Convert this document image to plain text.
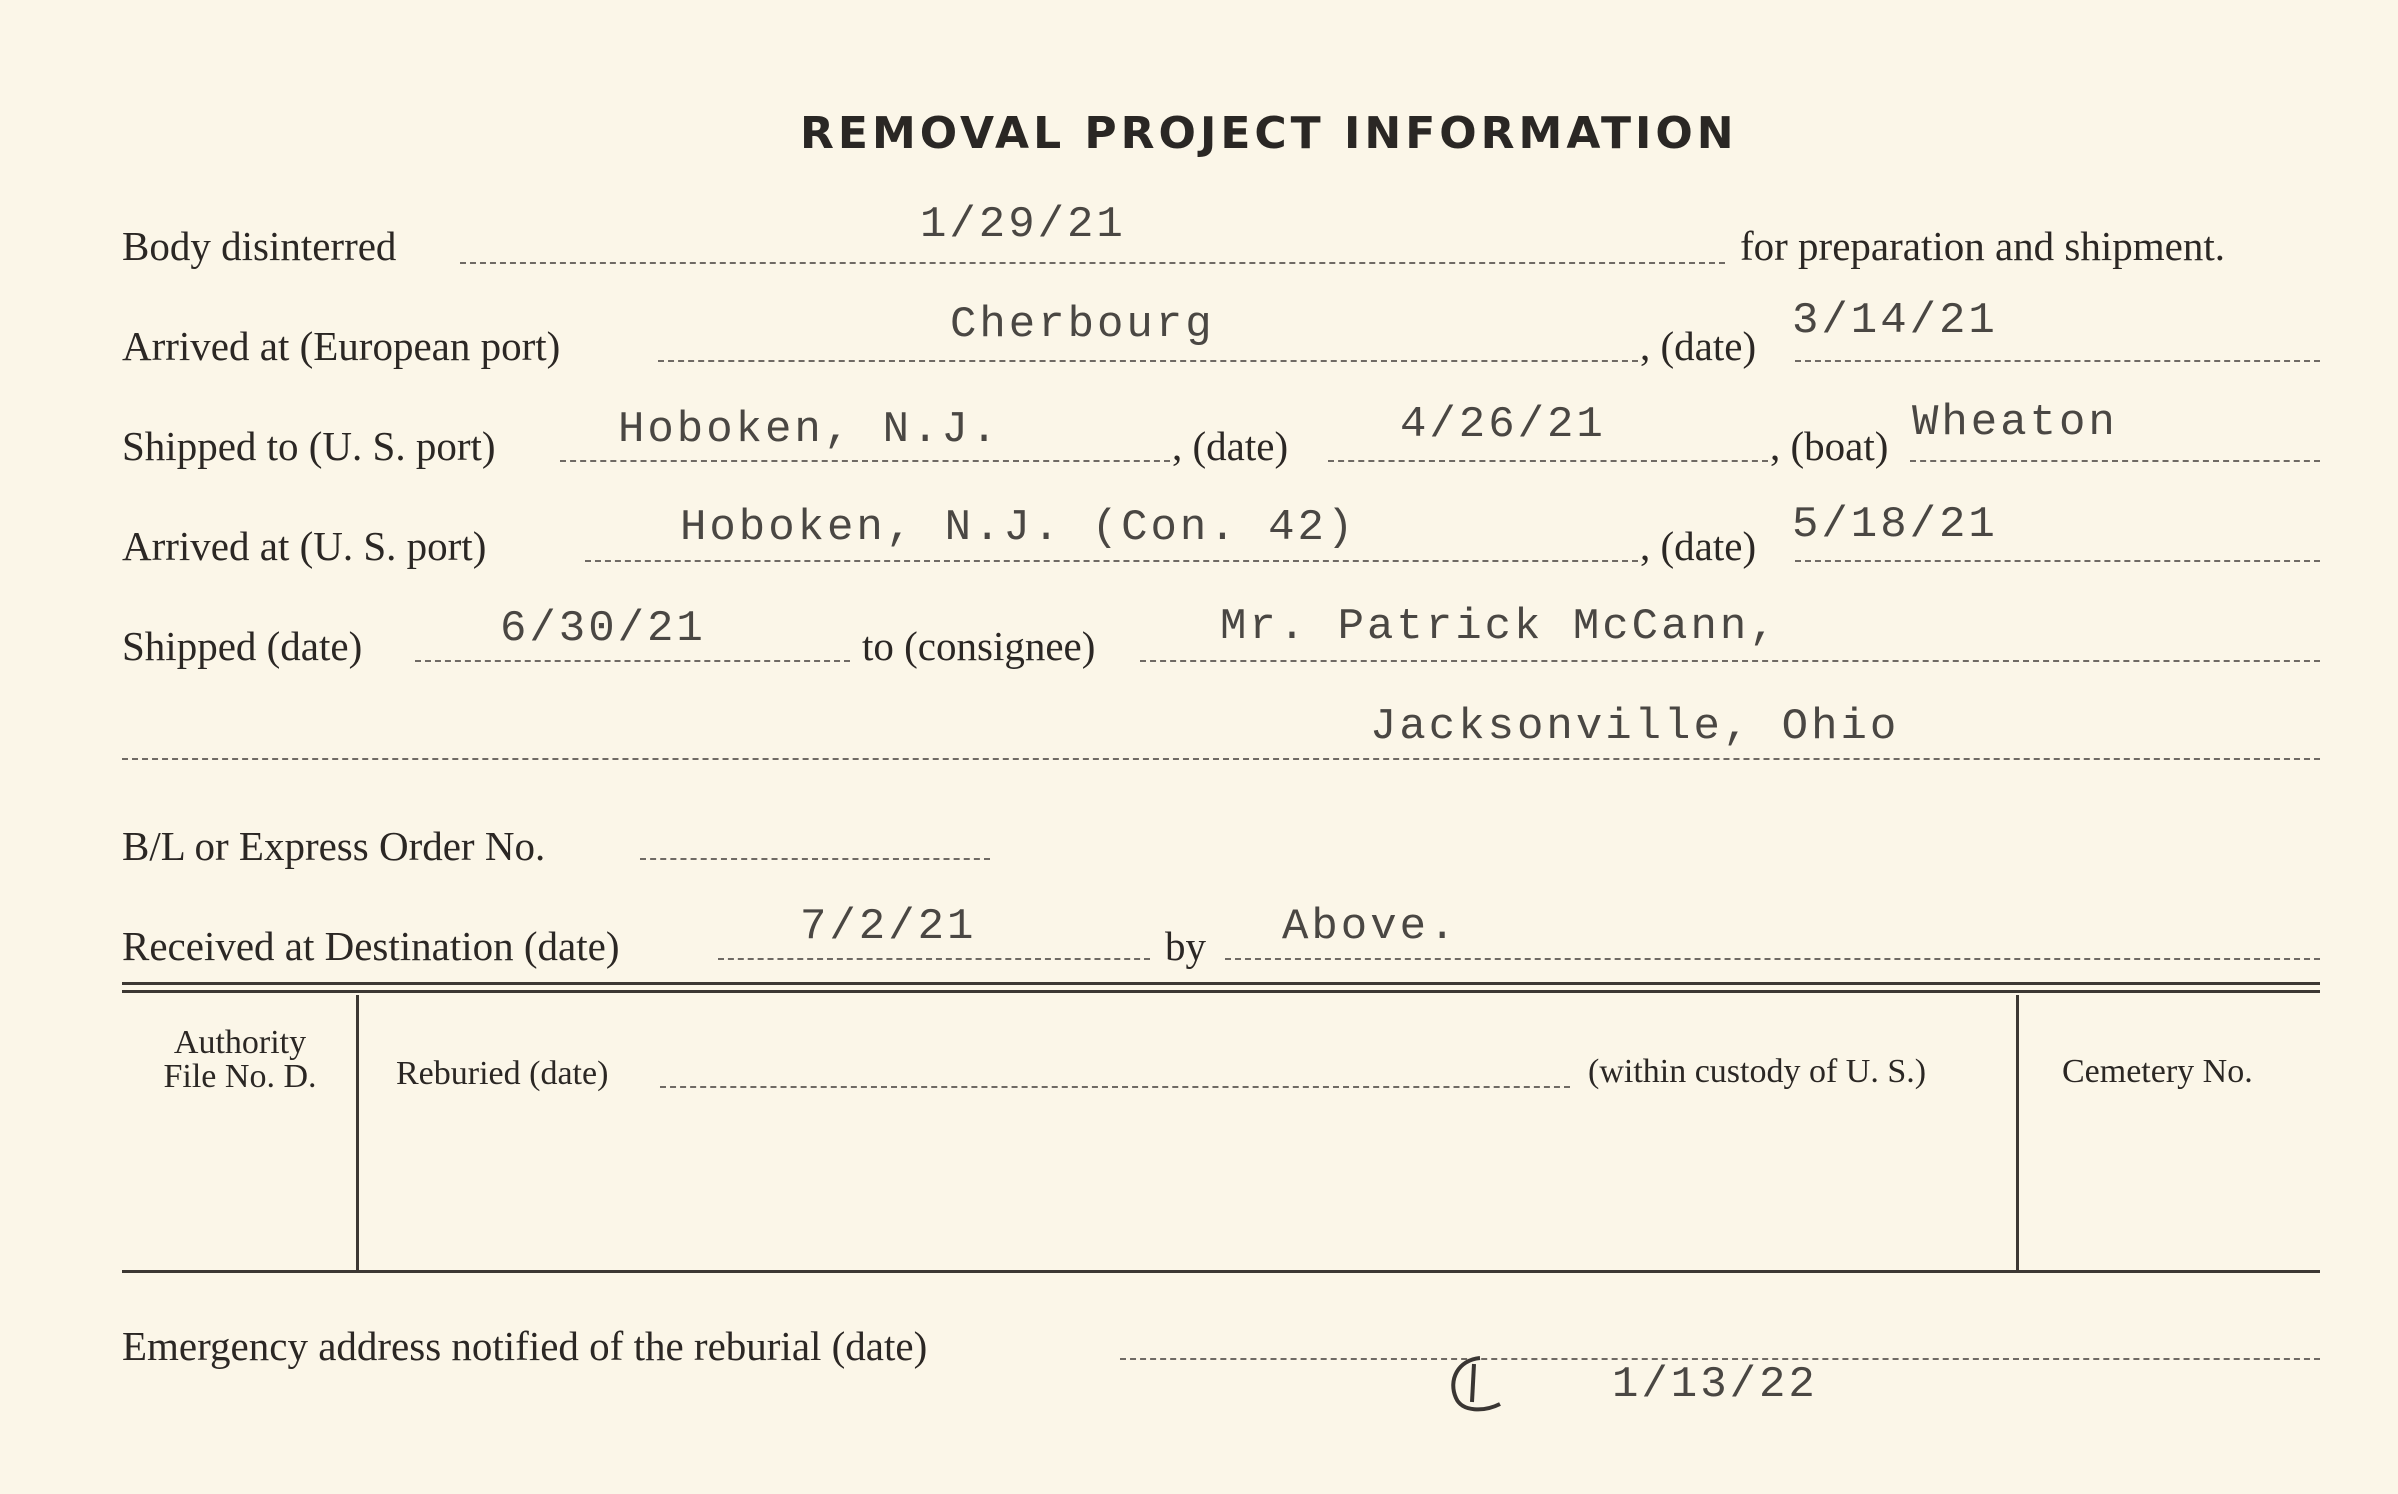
REMOVAL PROJECT INFORMATION
Body disinterred	1/29/21	for preparation and shipment.
Arrived at (European port)	Cherbourg	, (date) 3/14/21
Shipped to (U. S. port)	Hoboken, N.J.	, (date)	4/26/21	, (boat) Wheaton
Arrived at (U. S. port)	Hoboken, N.J. (Con. 42)	, (date) 5/18/21
Shipped (date)	6/30/21	to (consignee)	Mr. Patrick McCann,
Jacksonville, Ohio
B/L or Express Order No.
Received at Destination (date)	7/2/21	by Above.
Authority
File No. D.	Reburied (date)	(within custody of U. S.)	Cemetery No.
Emergency address notified of the reburial (date)
1/13/22
